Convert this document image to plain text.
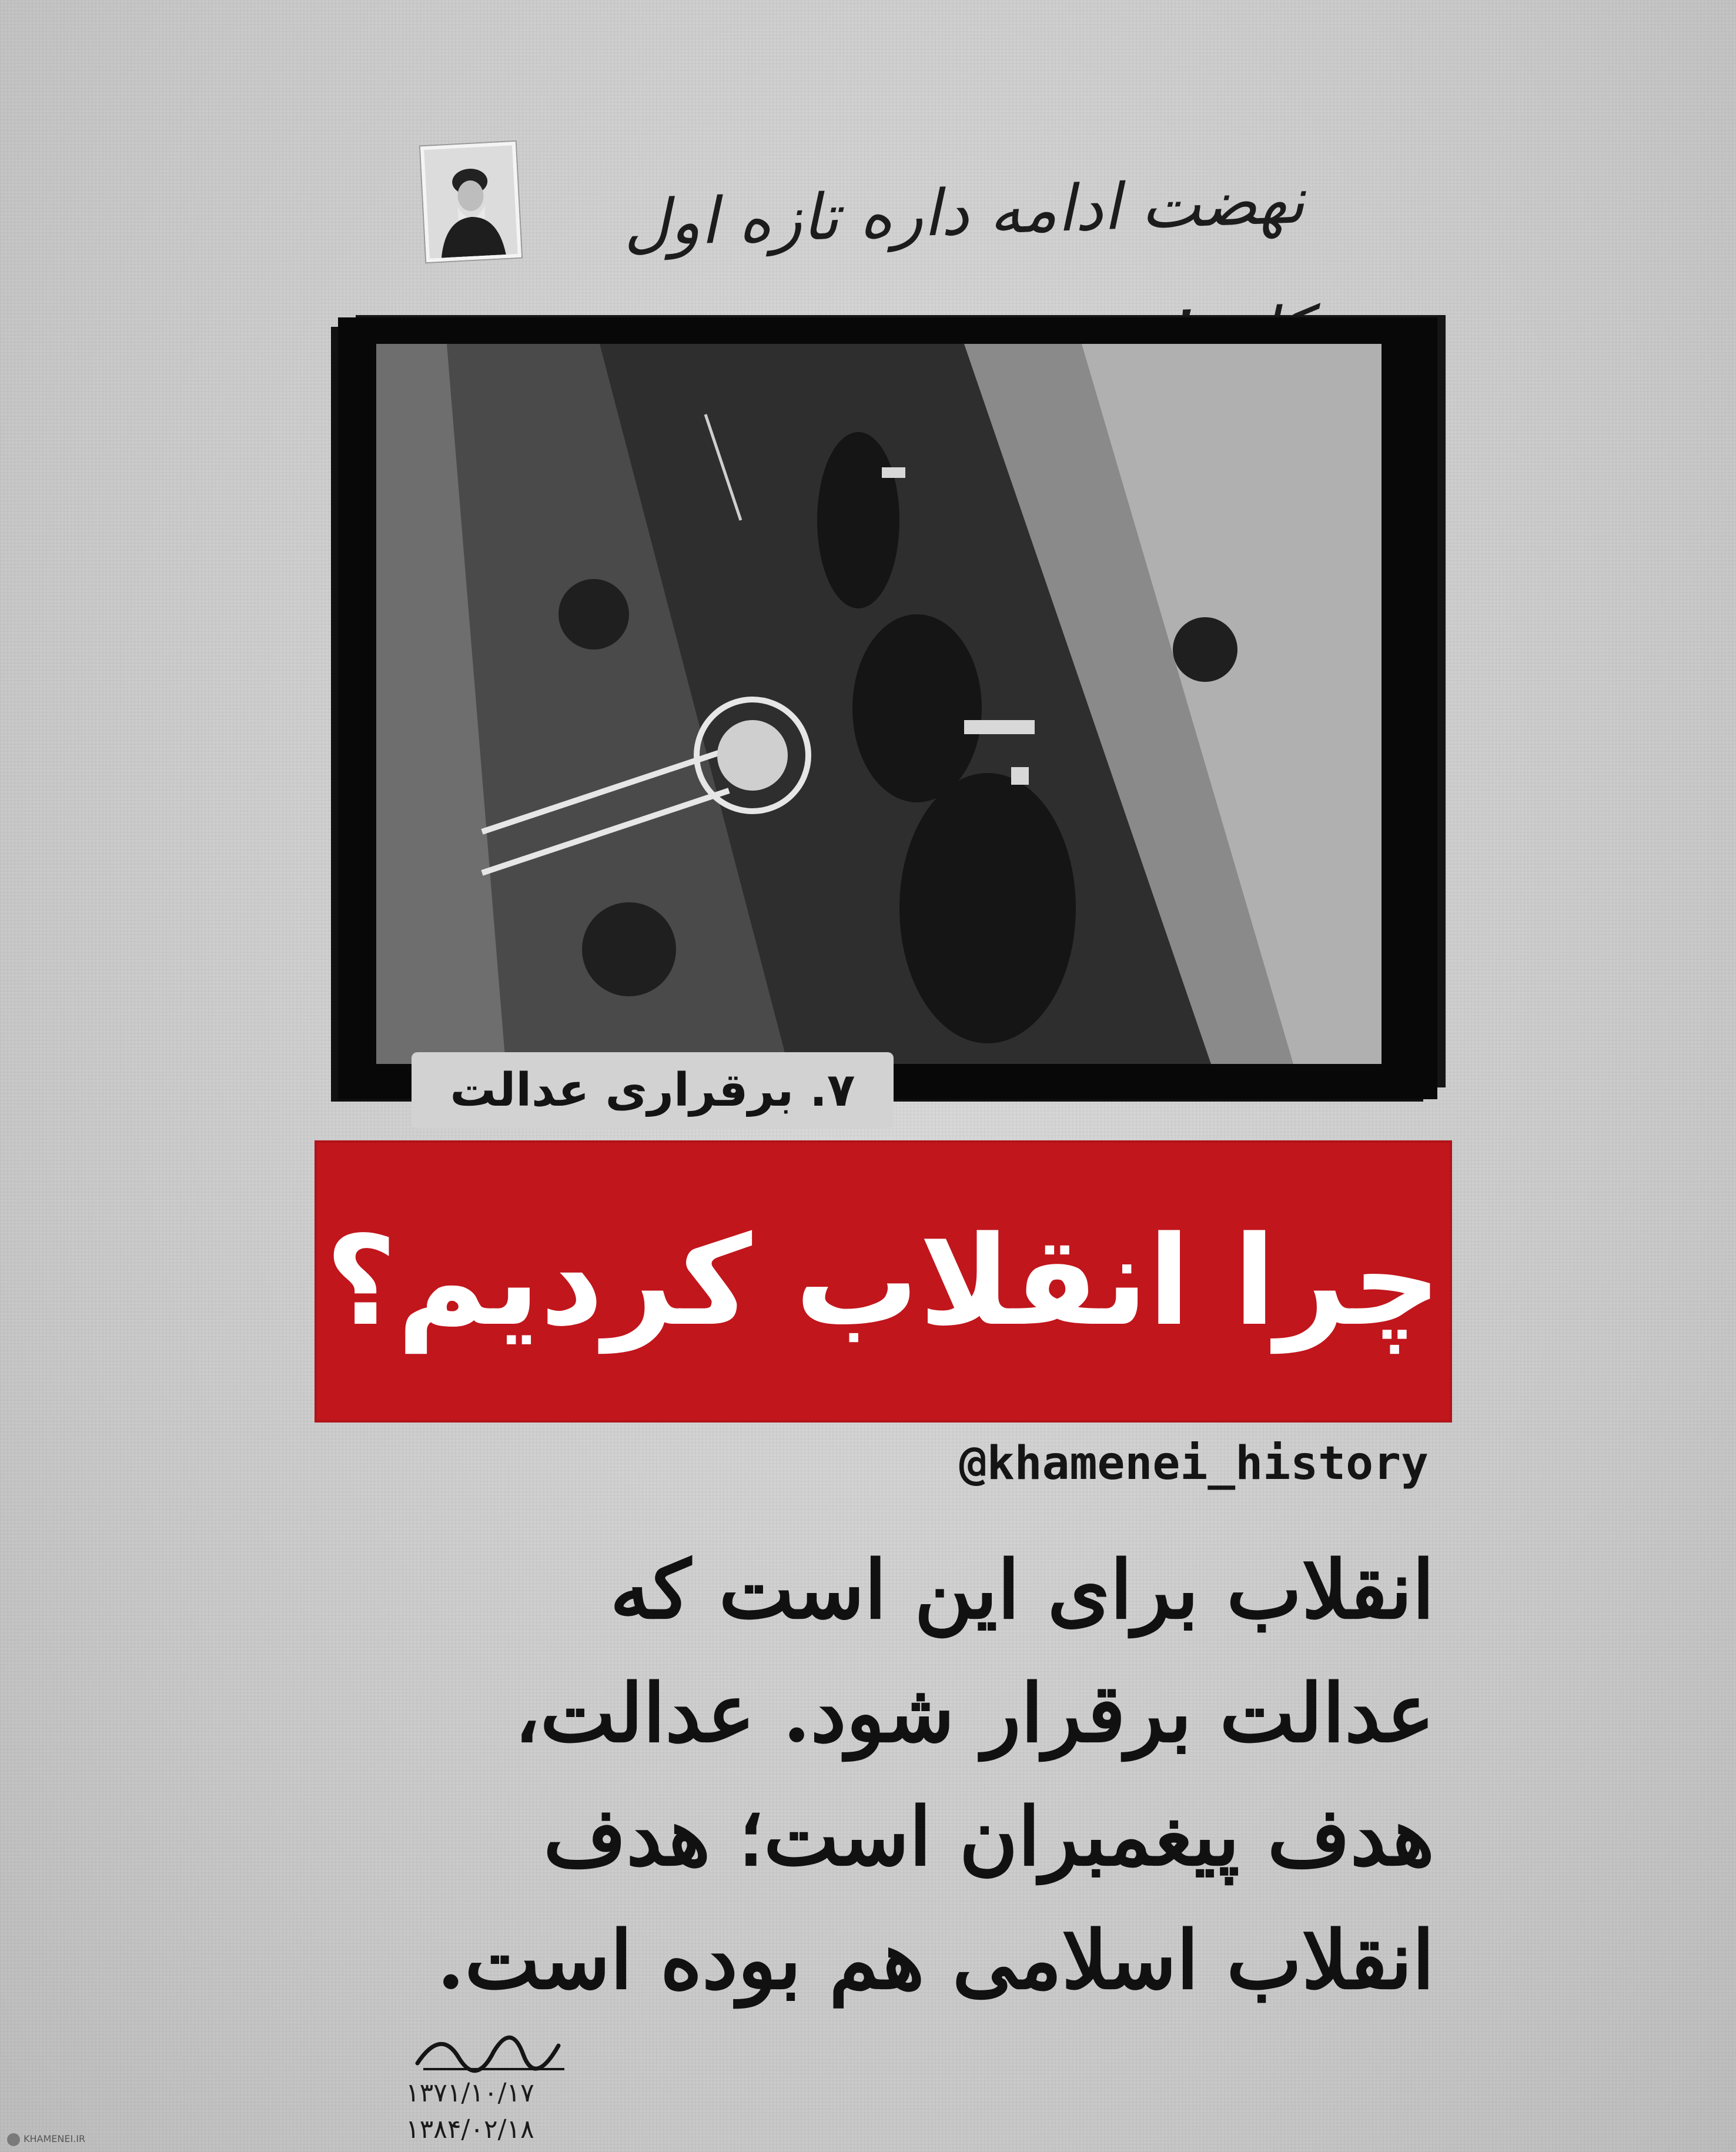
نهضت ادامه داره تازه اول
۷. برقراری عدالت
چرا انقلاب کردیم؟
@khamenei_history
انقلاب برای این است که
عدالت برقرار شود. عدالت،
هدف پیغمبران است؛ هدف
انقلاب اسلامی هم بوده است.
۱۳۷۱/۱۰/۱۷
۱۳۸۴/۰۲/۱۸
KHAMENEI.IR
